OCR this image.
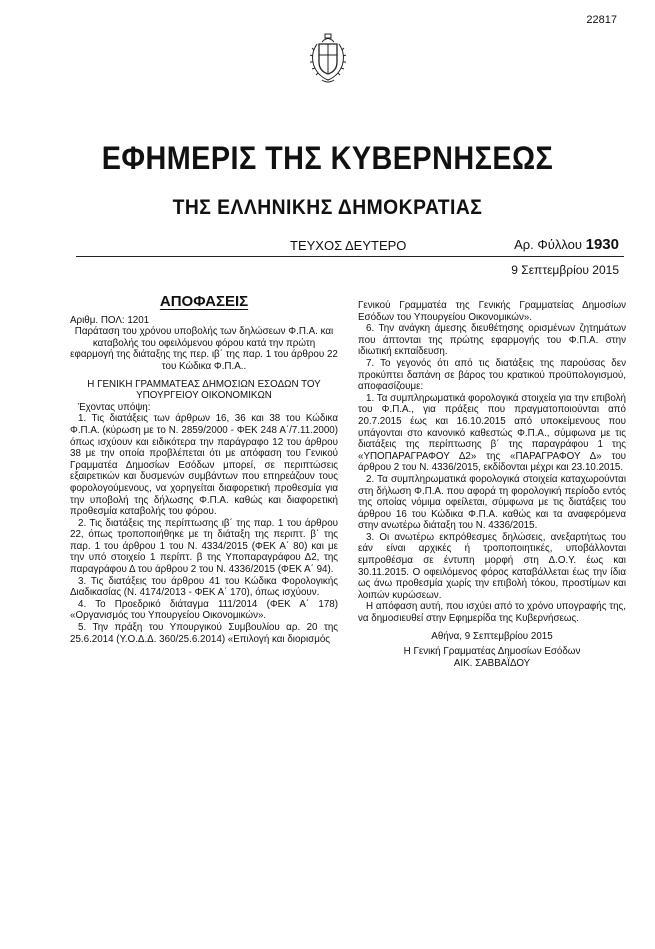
22817
ΕΦΗΜΕΡΙΣ ΤΗΣ ΚΥΒΕΡΝΗΣΕΩΣ
ΤΗΣ ΕΛΛΗΝΙΚΗΣ ΔΗΜΟΚΡΑΤΙΑΣ
ΤΕΥΧΟΣ ΔΕΥΤΕΡΟ	Αρ. Φύλλου 1930
9 Σεπτεμβρίου 2015

ΑΠΟΦΑΣΕΙΣ

Αριθμ. ΠΟΛ: 1201

Παράταση του χρόνου υποβολής των δηλώσεων Φ.Π.Α. και καταβολής του οφειλόμενου φόρου κατά την πρώτη εφαρμογή της διάταξης της περ. ιβ΄ της παρ. 1 του άρθρου 22 του Κώδικα Φ.Π.Α..

Η ΓΕΝΙΚΗ ΓΡΑΜΜΑΤΕΑΣ ΔΗΜΟΣΙΩΝ ΕΣΟΔΩΝ ΤΟΥ ΥΠΟΥΡΓΕΙΟΥ ΟΙΚΟΝΟΜΙΚΩΝ

Έχοντας υπόψη:

1. Τις διατάξεις των άρθρων 16, 36 και 38 του Κώδικα Φ.Π.Α. (κύρωση με το Ν. 2859/2000 - ΦΕΚ 248 Α΄/7.11.2000) όπως ισχύουν και ειδικότερα την παράγραφο 12 του άρθρου 38 με την οποία προβλέπεται ότι με απόφαση του Γενικού Γραμματέα Δημοσίων Εσόδων μπορεί, σε περιπτώσεις εξαιρετικών και δυσμενών συμβάντων που επηρεάζουν τους φορολογούμενους, να χορηγείται διαφορετική προθεσμία για την υποβολή της δήλωσης Φ.Π.Α. καθώς και διαφορετική προθεσμία καταβολής του φόρου.

2. Τις διατάξεις της περίπτωσης ιβ΄ της παρ. 1 του άρθρου 22, όπως τροποποιήθηκε με τη διάταξη της περιπτ. β΄ της παρ. 1 του άρθρου 1 του Ν. 4334/2015 (ΦΕΚ Α΄ 80) και με την υπό στοιχείο 1 περίπτ. β της Υποπαραγράφου Δ2, της παραγράφου Δ του άρθρου 2 του Ν. 4336/2015 (ΦΕΚ Α΄ 94).

3. Τις διατάξεις του άρθρου 41 του Κώδικα Φορολογικής Διαδικασίας (Ν. 4174/2013 - ΦΕΚ Α΄ 170), όπως ισχύουν.

4. Το Προεδρικό διάταγμα 111/2014 (ΦΕΚ Α΄ 178) «Οργανισμός του Υπουργείου Οικονομικών».

5. Την πράξη του Υπουργικού Συμβουλίου αρ. 20 της 25.6.2014 (Υ.Ο.Δ.Δ. 360/25.6.2014) «Επιλογή και διορισμός

Γενικού Γραμματέα της Γενικής Γραμματείας Δημοσίων Εσόδων του Υπουργείου Οικονομικών».

6. Την ανάγκη άμεσης διευθέτησης ορισμένων ζητημάτων που άπτονται της πρώτης εφαρμογής του Φ.Π.Α. στην ιδιωτική εκπαίδευση.

7. Το γεγονός ότι από τις διατάξεις της παρούσας δεν προκύπτει δαπάνη σε βάρος του κρατικού προϋπολογισμού, αποφασίζουμε:

1. Τα συμπληρωματικά φορολογικά στοιχεία για την επιβολή του Φ.Π.Α., για πράξεις που πραγματοποιούνται από 20.7.2015 έως και 16.10.2015 από υποκείμενους που υπάγονται στο κανονικό καθεστώς Φ.Π.Α., σύμφωνα με τις διατάξεις της περίπτωσης β΄ της παραγράφου 1 της «ΥΠΟΠΑΡΑΓΡΑΦΟΥ Δ2» της «ΠΑΡΑΓΡΑΦΟΥ Δ» του άρθρου 2 του Ν. 4336/2015, εκδίδονται μέχρι και 23.10.2015.

2. Τα συμπληρωματικά φορολογικά στοιχεία καταχωρούνται στη δήλωση Φ.Π.Α. που αφορά τη φορολογική περίοδο εντός της οποίας νόμιμα οφείλεται, σύμφωνα με τις διατάξεις του άρθρου 16 του Κώδικα Φ.Π.Α. καθώς και τα αναφερόμενα στην ανωτέρω διάταξη του Ν. 4336/2015.

3. Οι ανωτέρω εκπρόθεσμες δηλώσεις, ανεξαρτήτως του εάν είναι αρχικές ή τροποποιητικές, υποβάλλονται εμπροθέσμα σε έντυπη μορφή στη Δ.Ο.Υ. έως και 30.11.2015. Ο οφειλόμενος φόρος καταβάλλεται έως την ίδια ως άνω προθεσμία χωρίς την επιβολή τόκου, προστίμων και λοιπών κυρώσεων.

Η απόφαση αυτή, που ισχύει από το χρόνο υπογραφής της, να δημοσιευθεί στην Εφημερίδα της Κυβερνήσεως.

Αθήνα, 9 Σεπτεμβρίου 2015

Η Γενική Γραμματέας Δημοσίων Εσόδων

ΑΙΚ. ΣΑΒΒΑΪΔΟΥ
